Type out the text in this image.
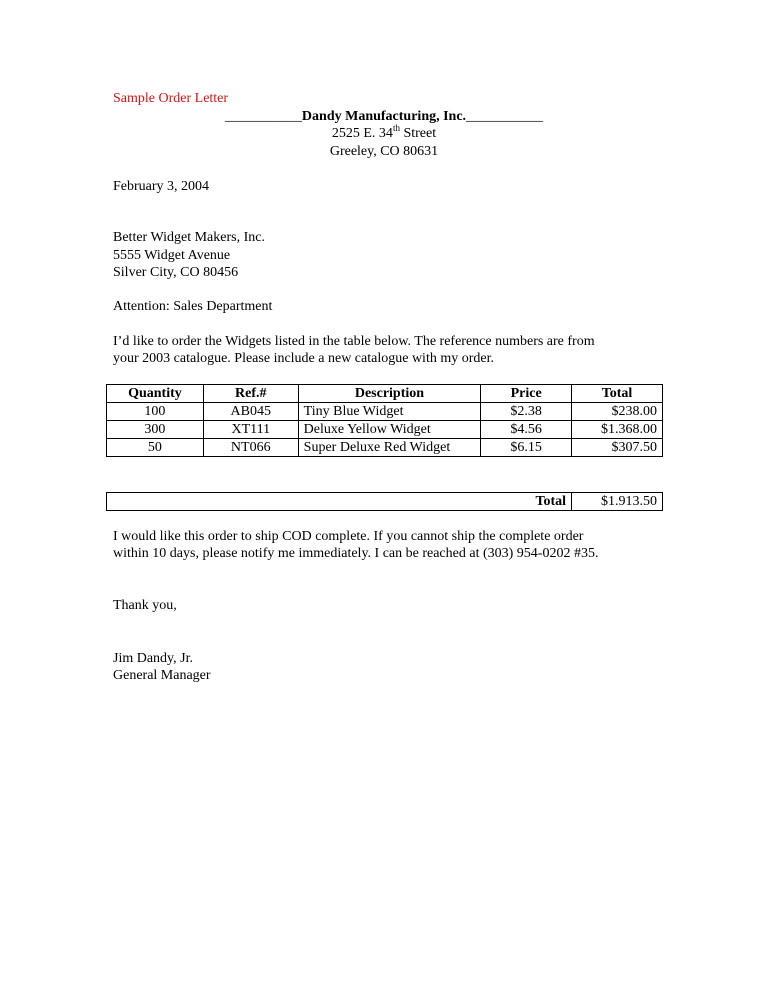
Sample Order Letter
___________Dandy Manufacturing, Inc.___________
2525 E. 34th Street
Greeley, CO 80631
February 3, 2004
Better Widget Makers, Inc.
5555 Widget Avenue
Silver City, CO 80456
Attention: Sales Department
I’d like to order the Widgets listed in the table below. The reference numbers are from
your 2003 catalogue. Please include a new catalogue with my order.
Quantity	Ref.#	Description	Price	Total
100	AB045	Tiny Blue Widget	$2.38	$238.00
300	XT111	Deluxe Yellow Widget	$4.56	$1.368.00
50	NT066	Super Deluxe Red Widget	$6.15	$307.50
Total	$1.913.50
I would like this order to ship COD complete. If you cannot ship the complete order
within 10 days, please notify me immediately. I can be reached at (303) 954-0202 #35.
Thank you,
Jim Dandy, Jr.
General Manager
